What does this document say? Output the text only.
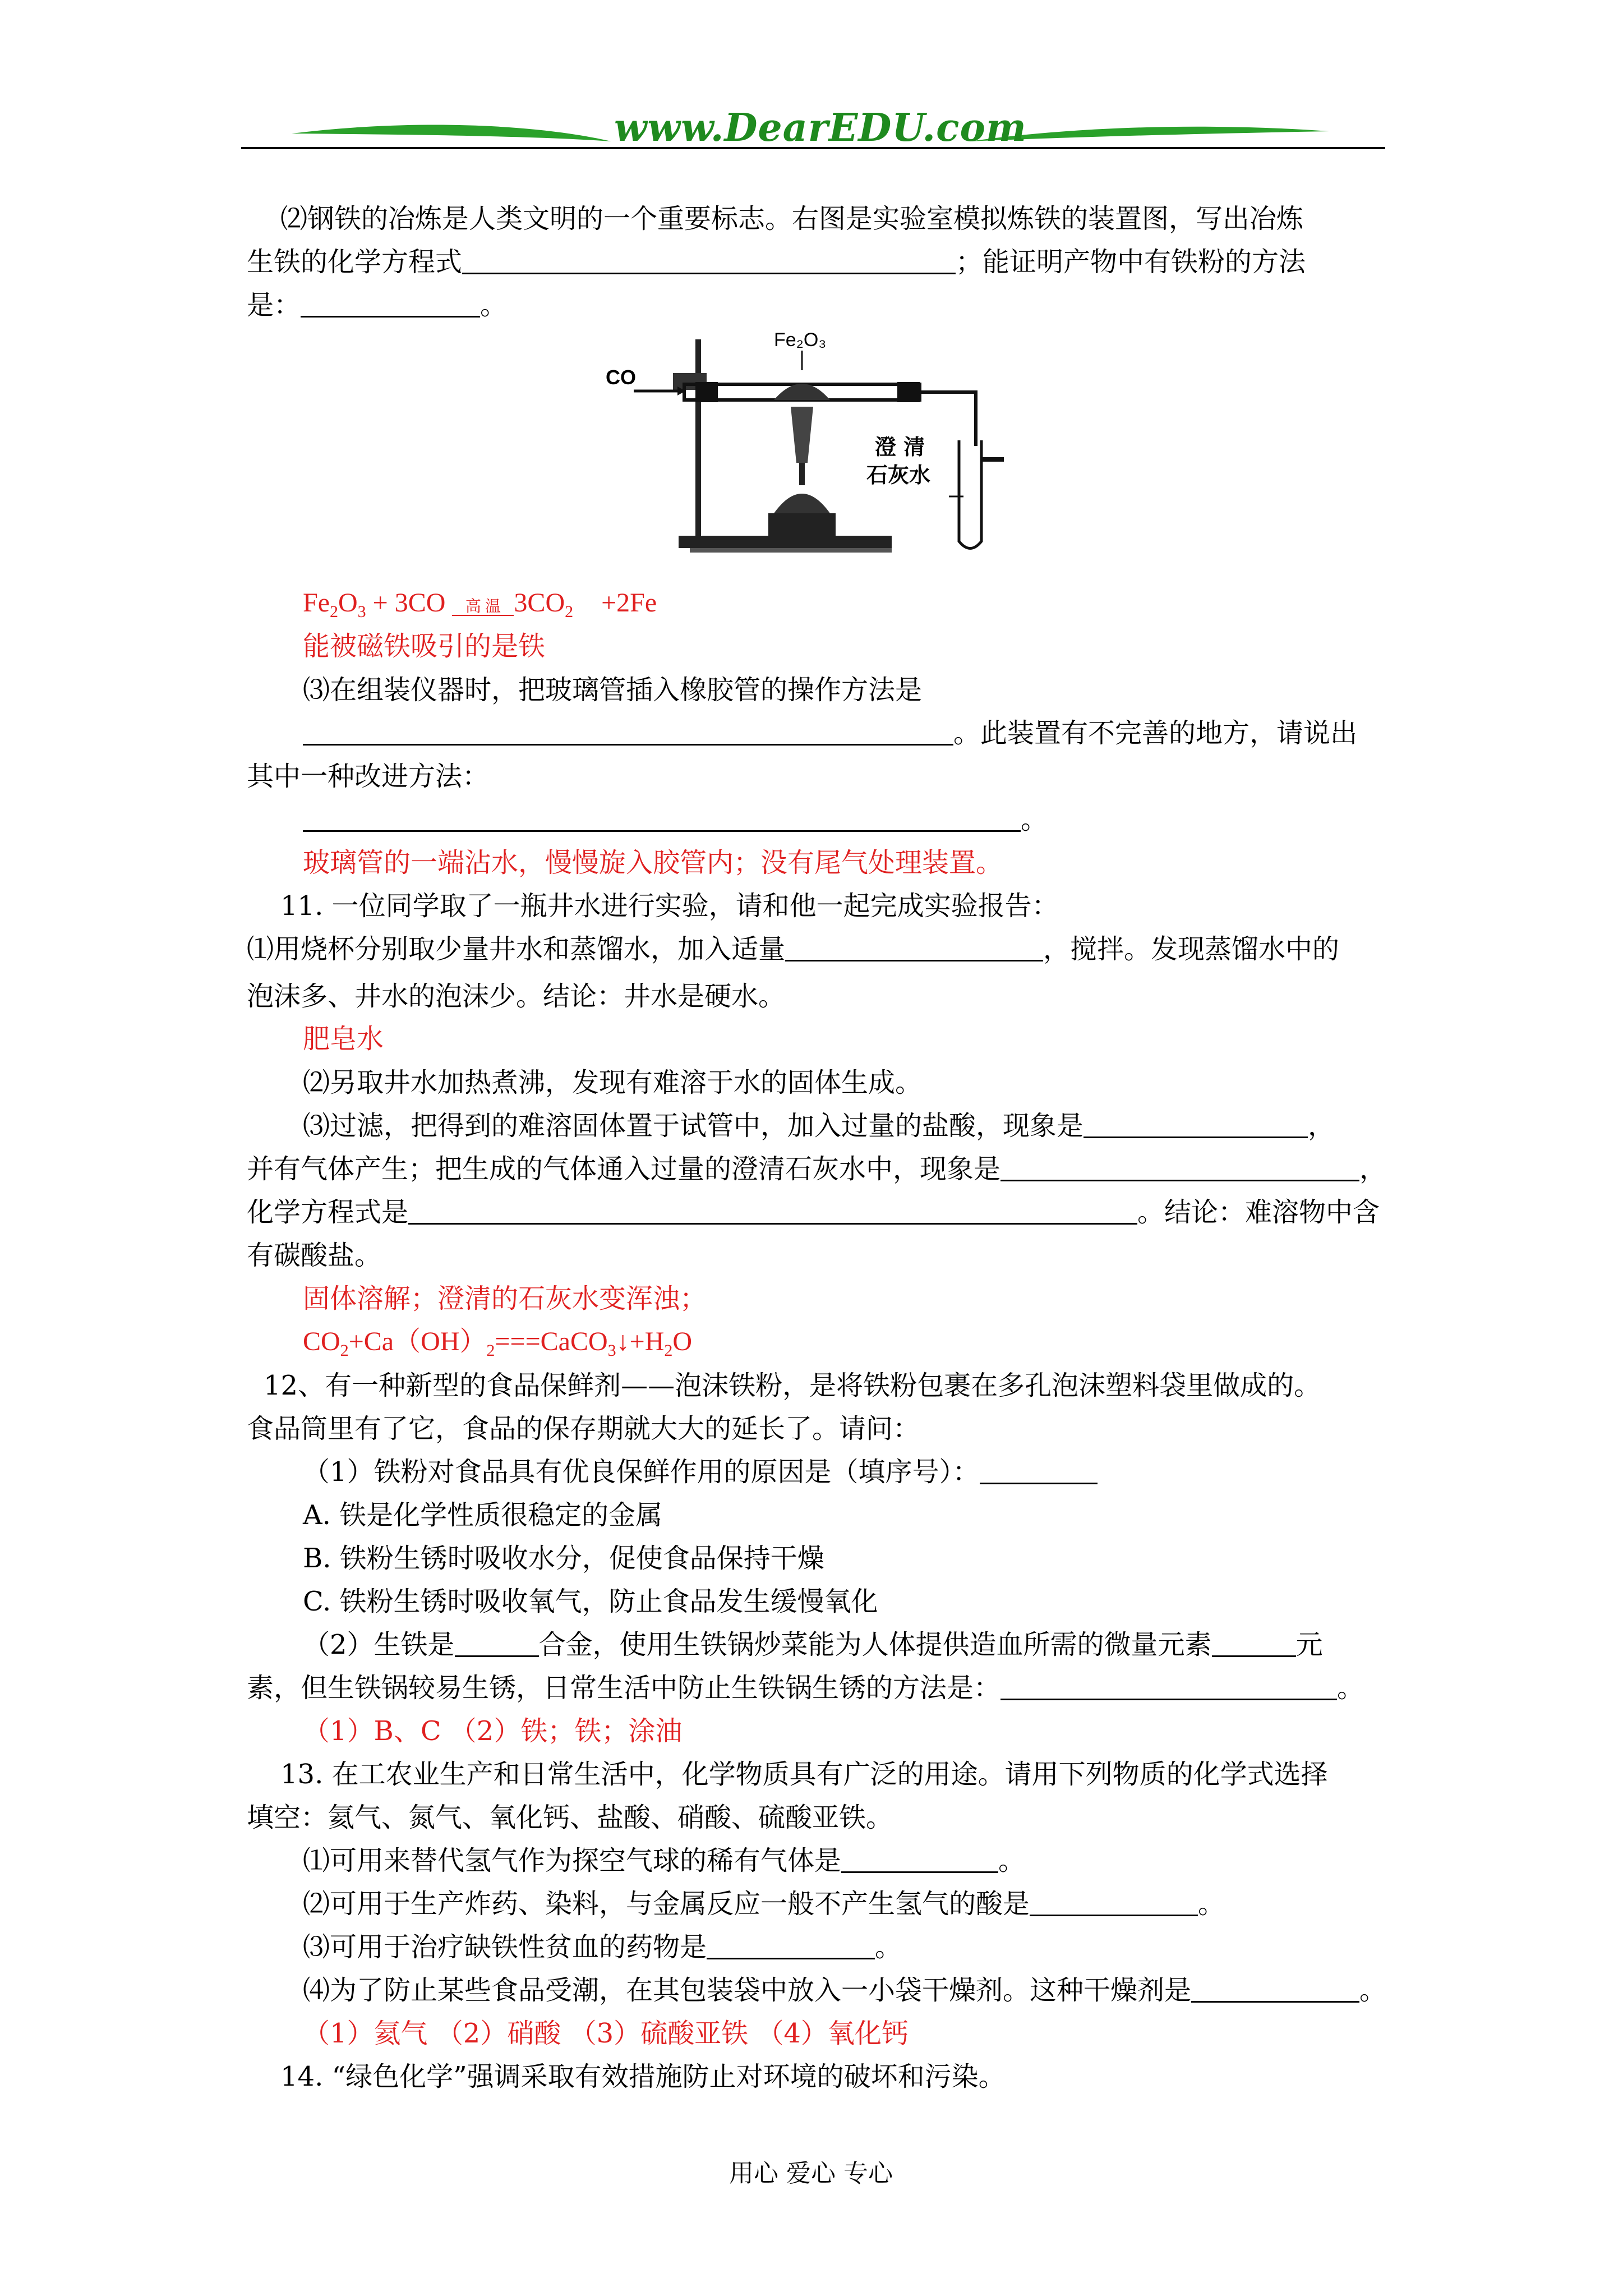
www.DearEDU.com
⑵钢铁的冶炼是人类文明的一个重要标志。右图是实验室模拟炼铁的装置图，写出冶炼
生铁的化学方程式	；能证明产物中有铁粉的方法
是：	。
CO
Fe₂O₃
澄 清
石灰水
$Fe_2O_3 + 3CO$ 高 温 $3CO_2 +2Fe$
能被磁铁吸引的是铁
⑶在组装仪器时，把玻璃管插入橡胶管的操作方法是
。此装置有不完善的地方，请说出
其中一种改进方法：
。
玻璃管的一端沾水，慢慢旋入胶管内；没有尾气处理装置。
11. 一位同学取了一瓶井水进行实验，请和他一起完成实验报告：
⑴用烧杯分别取少量井水和蒸馏水，加入适量	，搅拌。发现蒸馏水中的
泡沫多、井水的泡沫少。结论：井水是硬水。
肥皂水
⑵另取井水加热煮沸，发现有难溶于水的固体生成。
⑶过滤，把得到的难溶固体置于试管中，加入过量的盐酸，现象是	，
并有气体产生；把生成的气体通入过量的澄清石灰水中，现象是	，
化学方程式是	。结论：难溶物中含
有碳酸盐。
固体溶解；澄清的石灰水变浑浊；
$CO_2+Ca(OH)_2===CaCO_3↓+H_2O$
12、有一种新型的食品保鲜剂——泡沫铁粉，是将铁粉包裹在多孔泡沫塑料袋里做成的。
食品筒里有了它，食品的保存期就大大的延长了。请问：
（1）铁粉对食品具有优良保鲜作用的原因是（填序号）：
A. 铁是化学性质很稳定的金属
B. 铁粉生锈时吸收水分，促使食品保持干燥
C. 铁粉生锈时吸收氧气，防止食品发生缓慢氧化
（2）生铁是	合金，使用生铁锅炒菜能为人体提供造血所需的微量元素	元
素，但生铁锅较易生锈，日常生活中防止生铁锅生锈的方法是：	。
（1）B、C （2）铁；铁；涂油
13. 在工农业生产和日常生活中，化学物质具有广泛的用途。请用下列物质的化学式选择
填空：氦气、氮气、氧化钙、盐酸、硝酸、硫酸亚铁。
⑴可用来替代氢气作为探空气球的稀有气体是	。
⑵可用于生产炸药、染料，与金属反应一般不产生氢气的酸是	。
⑶可用于治疗缺铁性贫血的药物是	。
⑷为了防止某些食品受潮，在其包装袋中放入一小袋干燥剂。这种干燥剂是	。
（1）氦气 （2）硝酸 （3）硫酸亚铁 （4）氧化钙
14. “绿色化学”强调采取有效措施防止对环境的破坏和污染。
用心 爱心 专心
